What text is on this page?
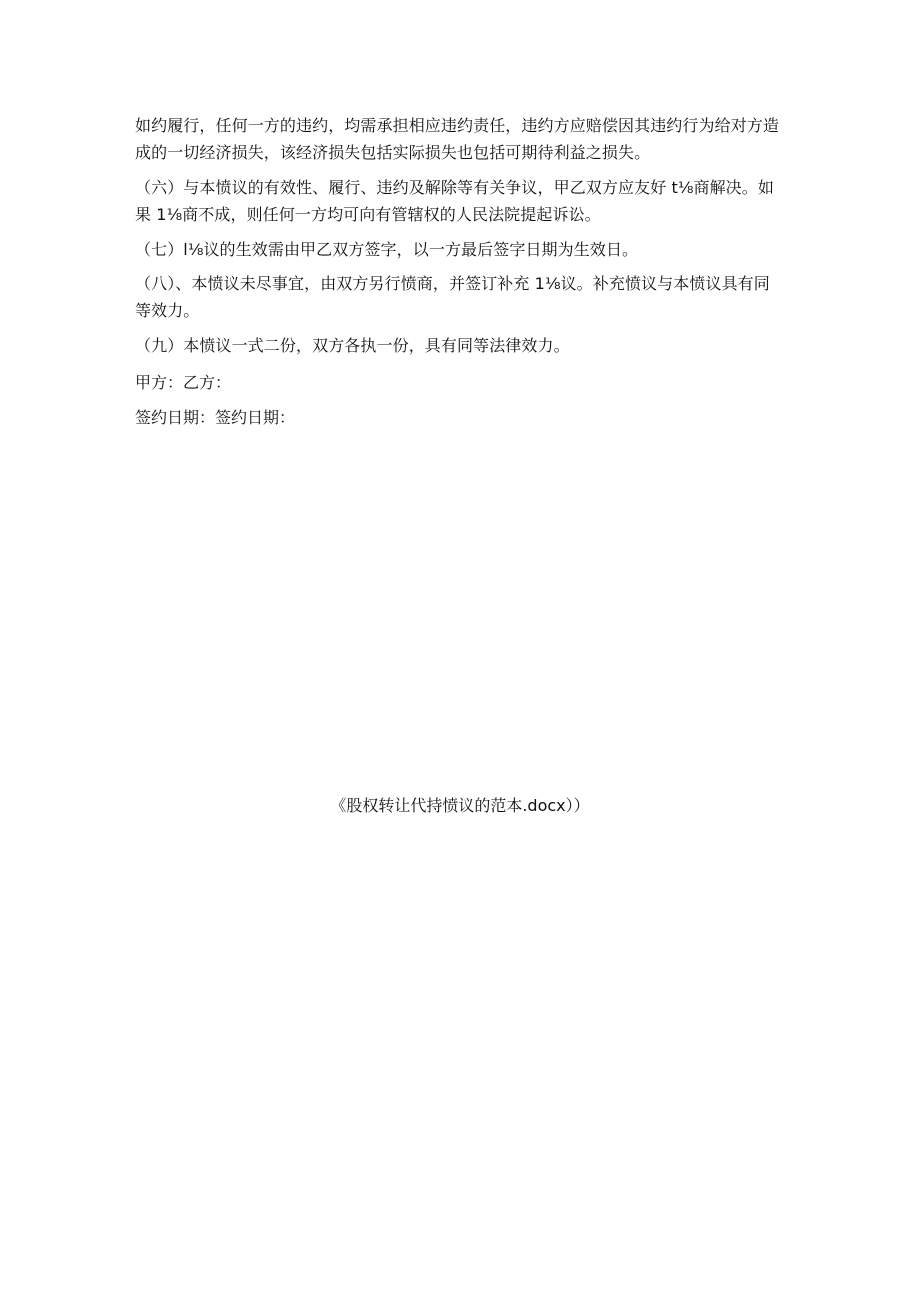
如约履行，任何一方的违约，均需承担相应违约责任，违约方应赔偿因其违约行为给对方造成的一切经济损失，该经济损失包括实际损失也包括可期待利益之损失。

（六）与本愤议的有效性、履行、违约及解除等有关争议，甲乙双方应友好 t⅛商解决。如果 1⅛商不成，则任何一方均可向有管辖权的人民法院提起诉讼。

（七）l⅛议的生效需由甲乙双方签字，以一方最后签字日期为生效日。

（八）、本愤议未尽事宜，由双方另行愤商，并签订补充 1⅛议。补充愤议与本愤议具有同等效力。

（九）本愤议一式二份，双方各执一份，具有同等法律效力。

甲方：乙方：
签约日期：签约日期：
《股权转让代持愤议的范本.docx））
